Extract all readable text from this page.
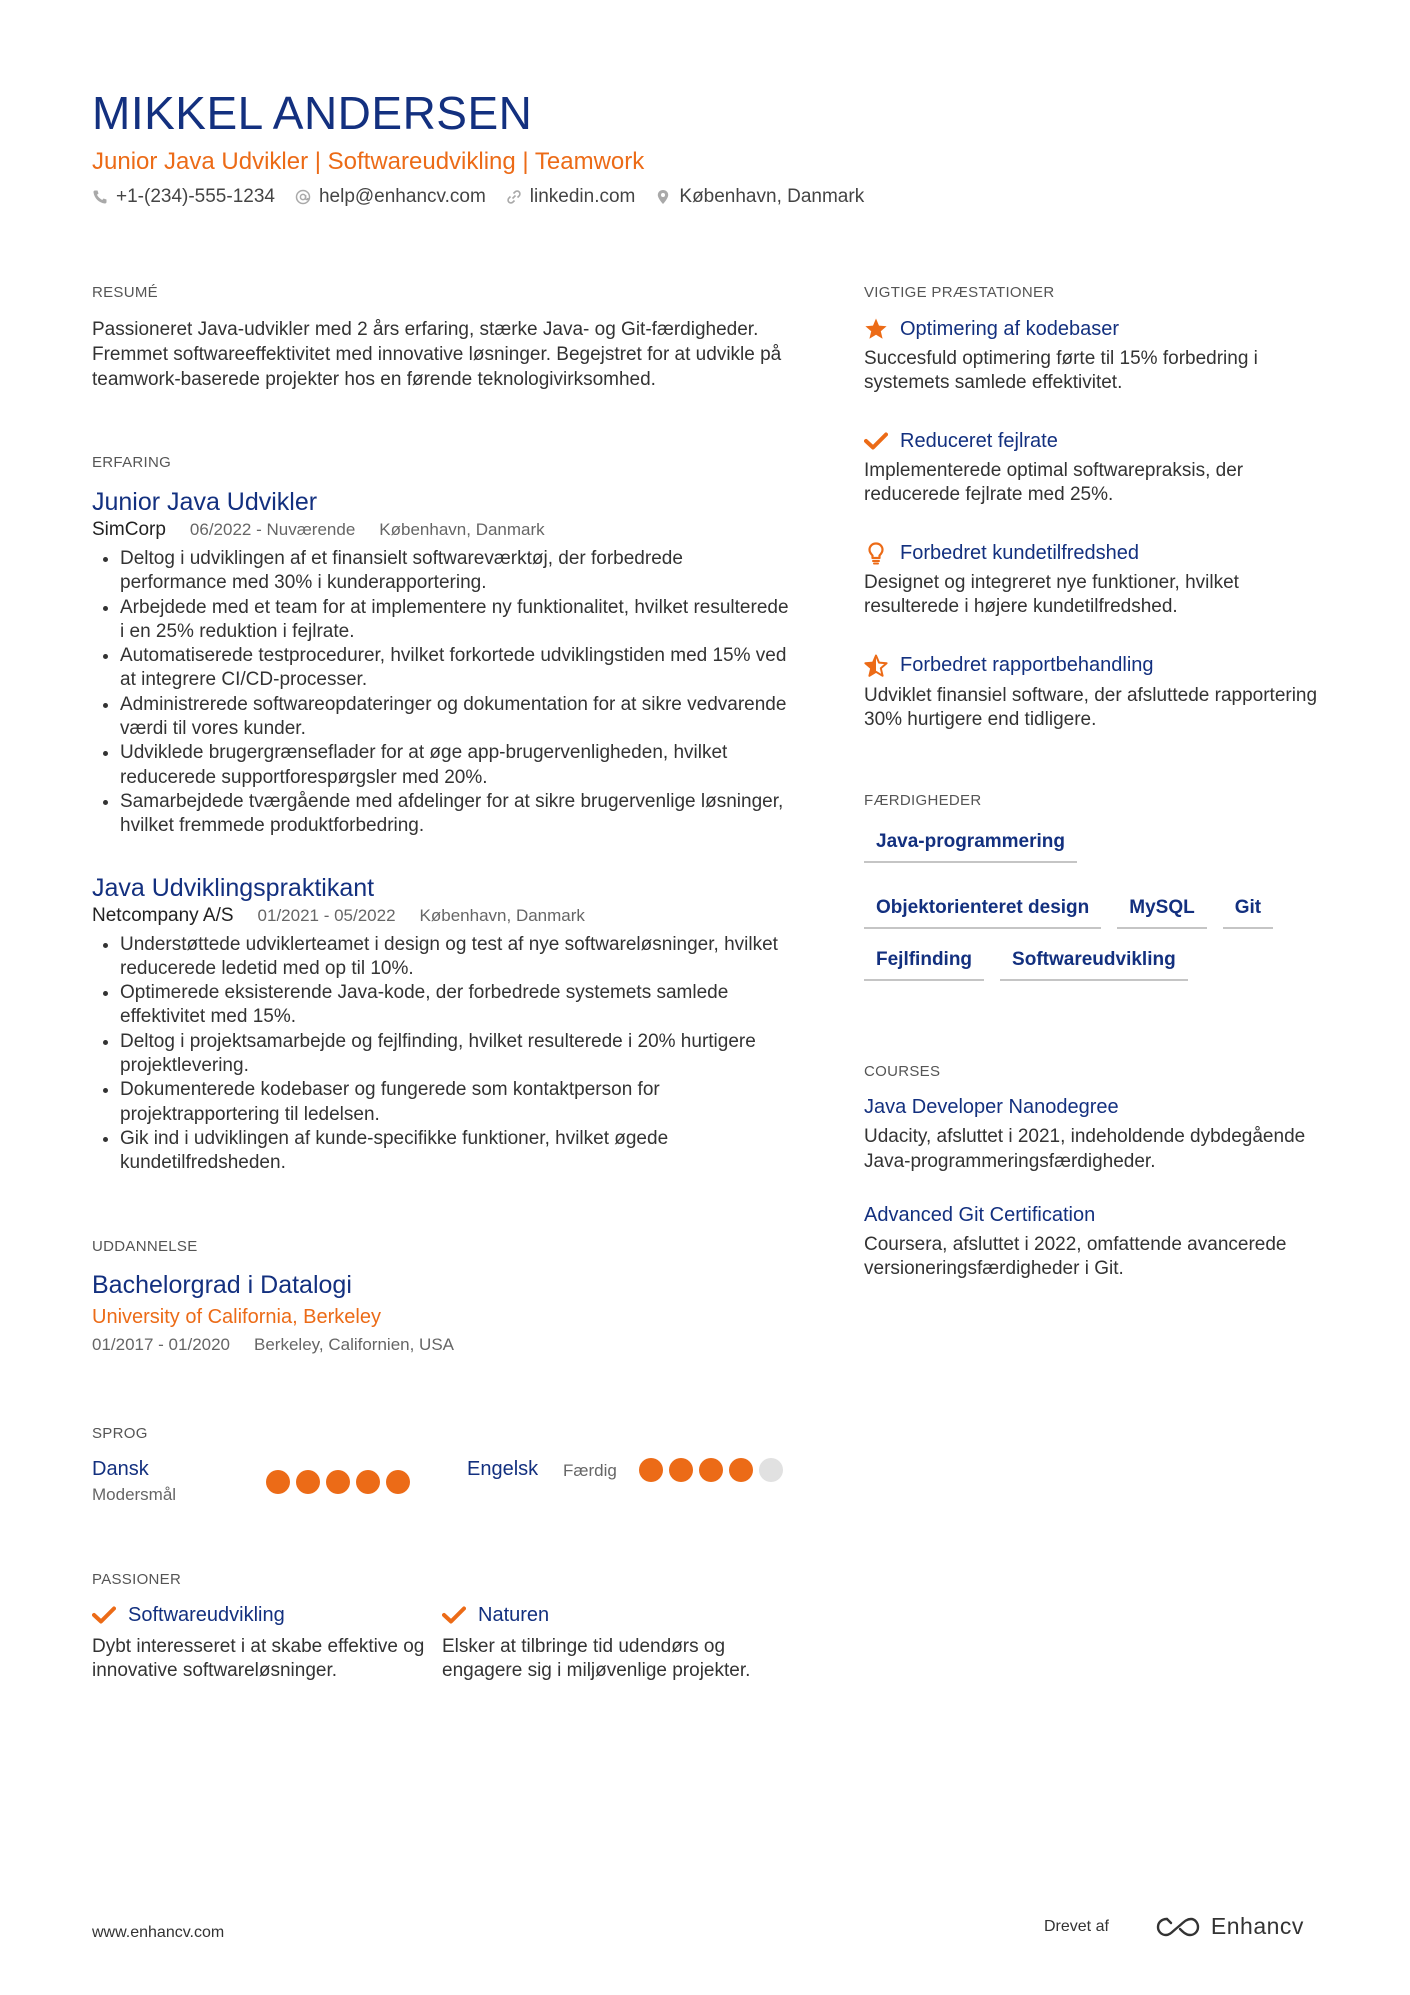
MIKKEL ANDERSEN
Junior Java Udvikler | Softwareudvikling | Teamwork
+1-(234)-555-1234 help@enhancv.com linkedin.com København, Danmark
RESUMÉ
Passioneret Java-udvikler med 2 års erfaring, stærke Java- og Git-færdigheder. Fremmet softwareeffektivitet med innovative løsninger. Begejstret for at udvikle på teamwork-baserede projekter hos en førende teknologivirksomhed.
ERFARING
Junior Java Udvikler
SimCorp 06/2022 - Nuværende København, Danmark
• Deltog i udviklingen af et finansielt softwareværktøj, der forbedrede performance med 30% i kunderapportering.
• Arbejdede med et team for at implementere ny funktionalitet, hvilket resulterede i en 25% reduktion i fejlrate.
• Automatiserede testprocedurer, hvilket forkortede udviklingstiden med 15% ved at integrere CI/CD-processer.
• Administrerede softwareopdateringer og dokumentation for at sikre vedvarende værdi til vores kunder.
• Udviklede brugergrænseflader for at øge app-brugervenligheden, hvilket reducerede supportforespørgsler med 20%.
• Samarbejdede tværgående med afdelinger for at sikre brugervenlige løsninger, hvilket fremmede produktforbedring.
Java Udviklingspraktikant
Netcompany A/S 01/2021 - 05/2022 København, Danmark
• Understøttede udviklerteamet i design og test af nye softwareløsninger, hvilket reducerede ledetid med op til 10%.
• Optimerede eksisterende Java-kode, der forbedrede systemets samlede effektivitet med 15%.
• Deltog i projektsamarbejde og fejlfinding, hvilket resulterede i 20% hurtigere projektlevering.
• Dokumenterede kodebaser og fungerede som kontaktperson for projektrapportering til ledelsen.
• Gik ind i udviklingen af kunde-specifikke funktioner, hvilket øgede kundetilfredsheden.
UDDANNELSE
Bachelorgrad i Datalogi
University of California, Berkeley
01/2017 - 01/2020 Berkeley, Californien, USA
SPROG
Dansk
Modersmål
Engelsk	Færdig
PASSIONER
Softwareudvikling
Dybt interesseret i at skabe effektive og innovative softwareløsninger.
Naturen
Elsker at tilbringe tid udendørs og engagere sig i miljøvenlige projekter.
VIGTIGE PRÆSTATIONER
Optimering af kodebaser
Succesfuld optimering førte til 15% forbedring i systemets samlede effektivitet.
Reduceret fejlrate
Implementerede optimal softwarepraksis, der reducerede fejlrate med 25%.
Forbedret kundetilfredshed
Designet og integreret nye funktioner, hvilket resulterede i højere kundetilfredshed.
Forbedret rapportbehandling
Udviklet finansiel software, der afsluttede rapportering 30% hurtigere end tidligere.
FÆRDIGHEDER
Java-programmering
Objektorienteret design	MySQL	Git
Fejlfinding	Softwareudvikling
COURSES
Java Developer Nanodegree
Udacity, afsluttet i 2021, indeholdende dybdegående Java-programmeringsfærdigheder.
Advanced Git Certification
Coursera, afsluttet i 2022, omfattende avancerede versioneringsfærdigheder i Git.
www.enhancv.com	Drevet af	Enhancv
